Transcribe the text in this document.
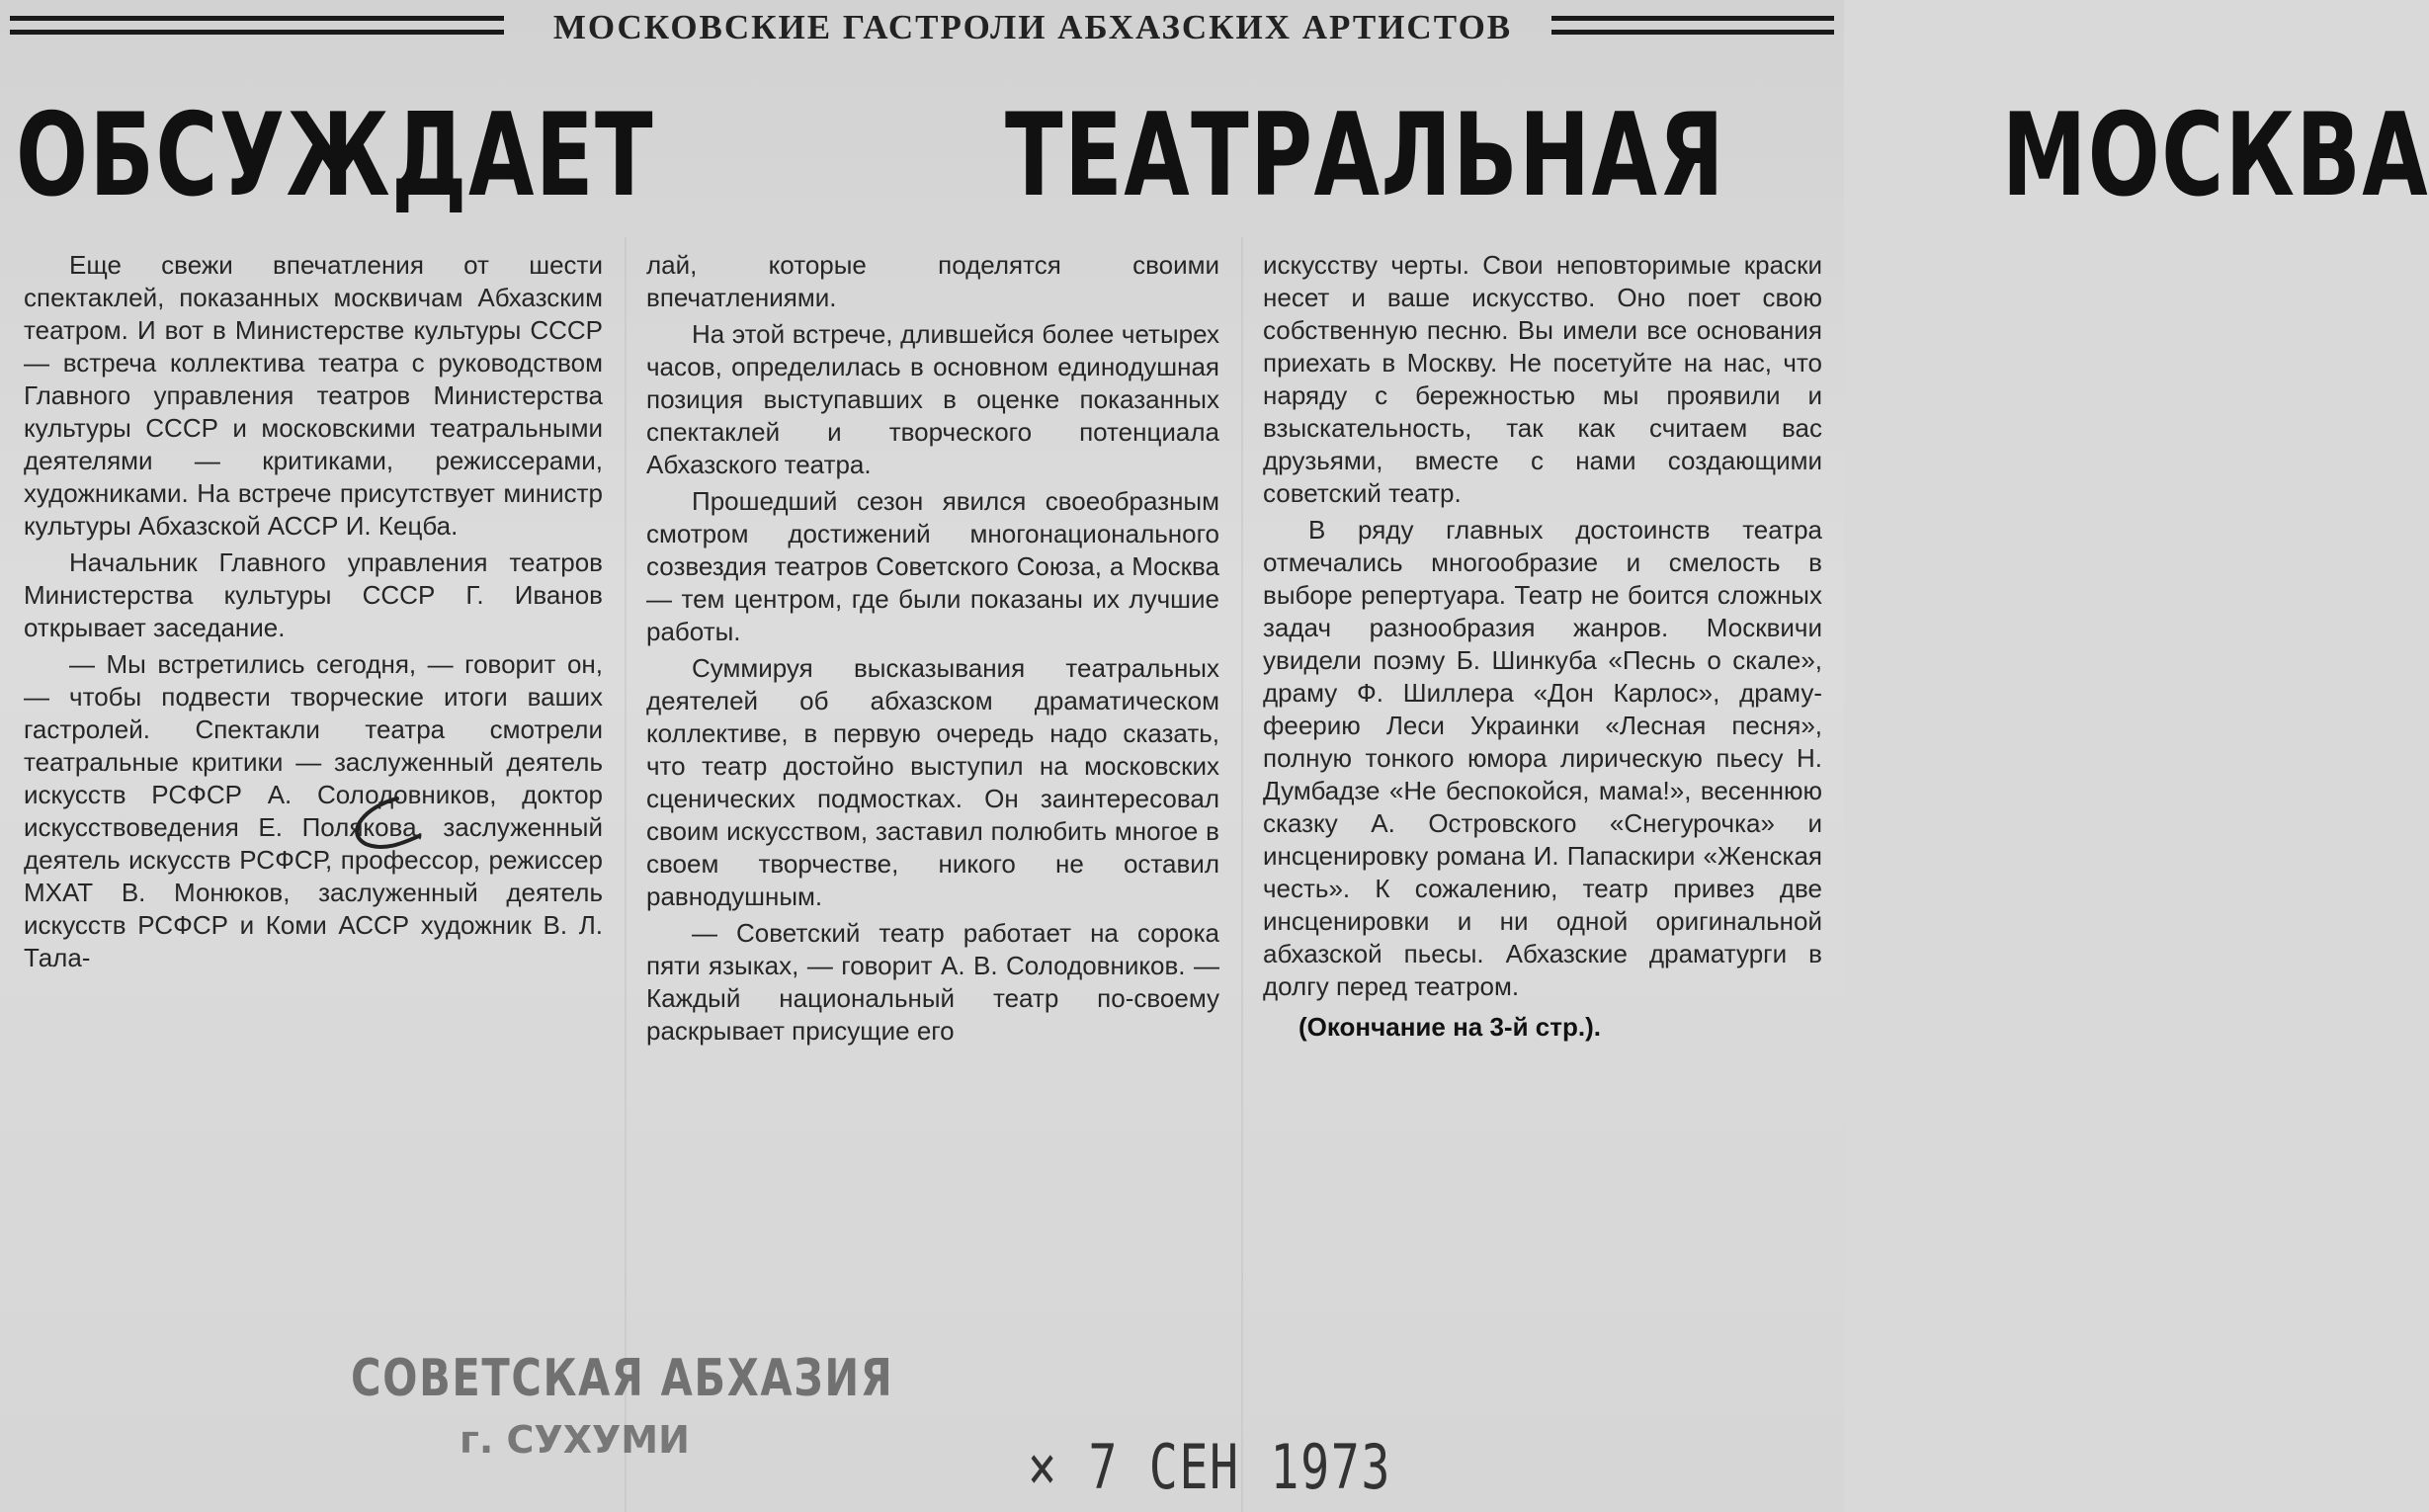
МОСКОВСКИЕ ГАСТРОЛИ АБХАЗСКИХ АРТИСТОВ
ОБСУЖДАЕТ	ТЕАТРАЛЬНАЯ МОСКВА

Еще свежи впечатления от шести спектаклей, показанных москвичам Абхазским театром. И вот в Министерстве культуры СССР — встреча коллектива театра с руководством Главного управления театров Министерства культуры СССР и московскими театральными деятелями — критиками, режиссерами, художниками. На встрече присутствует министр культуры Абхазской АССР И. Кецба.

Начальник Главного управления театров Министерства культуры СССР Г. Иванов открывает заседание.

— Мы встретились сегодня, — говорит он, — чтобы подвести творческие итоги ваших гастролей. Спектакли театра смотрели театральные критики — заслуженный деятель искусств РСФСР А. Солодовников, доктор искусствоведения Е. Полякова, заслуженный деятель искусств РСФСР, профессор, режиссер МХАТ В. Монюков, заслуженный деятель искусств РСФСР и Коми АССР художник В. Л. Тала-

лай, которые поделятся своими впечатлениями.

На этой встрече, длившейся более четырех часов, определилась в основном единодушная позиция выступавших в оценке показанных спектаклей и творческого потенциала Абхазского театра.

Прошедший сезон явился своеобразным смотром достижений многонационального созвездия театров Советского Союза, а Москва — тем центром, где были показаны их лучшие работы.

Суммируя высказывания театральных деятелей об абхазском драматическом коллективе, в первую очередь надо сказать, что театр достойно выступил на московских сценических подмостках. Он заинтересовал своим искусством, заставил полюбить многое в своем творчестве, никого не оставил равнодушным.

— Советский театр работает на сорока пяти языках, — говорит А. В. Солодовников. — Каждый национальный театр по-своему раскрывает присущие его

искусству черты. Свои неповторимые краски несет и ваше искусство. Оно поет свою собственную песню. Вы имели все основания приехать в Москву. Не посетуйте на нас, что наряду с бережностью мы проявили и взыскательность, так как считаем вас друзьями, вместе с нами создающими советский театр.

В ряду главных достоинств театра отмечались многообразие и смелость в выборе репертуара. Театр не боится сложных задач разнообразия жанров. Москвичи увидели поэму Б. Шинкуба «Песнь о скале», драму Ф. Шиллера «Дон Карлос», драму-феерию Леси Украинки «Лесная песня», полную тонкого юмора лирическую пьесу Н. Думбадзе «Не беспокойся, мама!», весеннюю сказку А. Островского «Снегурочка» и инсценировку романа И. Папаскири «Женская честь». К сожалению, театр привез две инсценировки и ни одной оригинальной абхазской пьесы. Абхазские драматурги в долгу перед театром.

(Окончание на 3-й стр.).

СОВЕТСКАЯ АБХАЗИЯ
г. СУХУМИ	× 7 СЕН 1973
